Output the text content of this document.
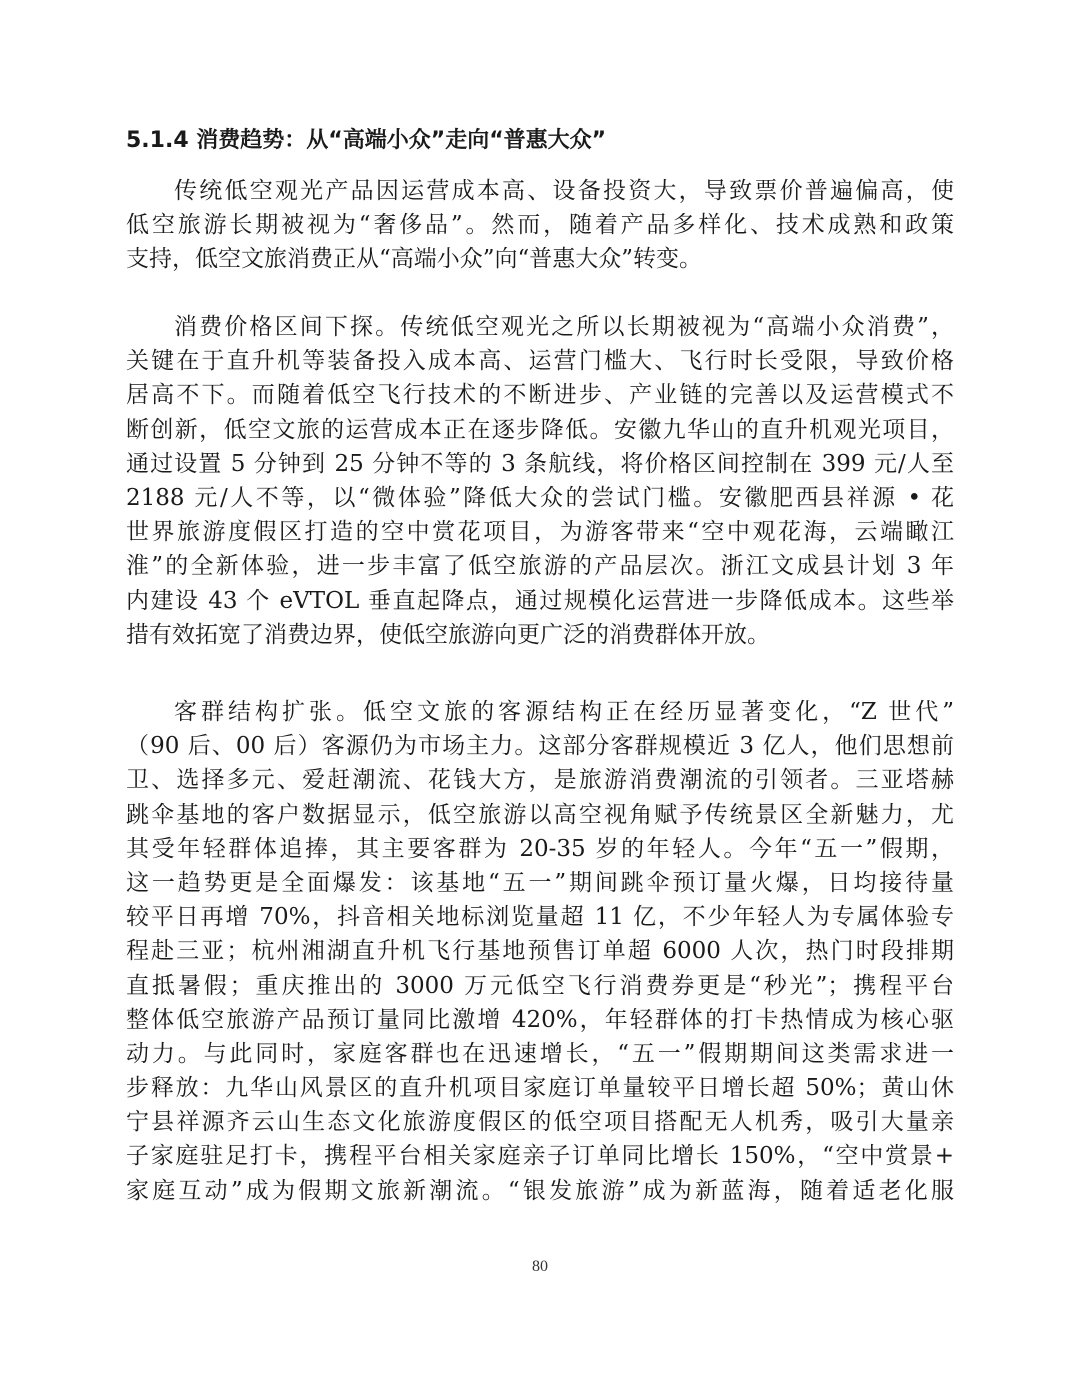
5.1.4 消费趋势：从“高端小众”走向“普惠大众”
传统低空观光产品因运营成本高、设备投资大，导致票价普遍偏高，使
低空旅游长期被视为“奢侈品”。然而，随着产品多样化、技术成熟和政策
支持，低空文旅消费正从“高端小众”向“普惠大众”转变。
消费价格区间下探。传统低空观光之所以长期被视为“高端小众消费”，
关键在于直升机等装备投入成本高、运营门槛大、飞行时长受限，导致价格
居高不下。而随着低空飞行技术的不断进步、产业链的完善以及运营模式不
断创新，低空文旅的运营成本正在逐步降低。安徽九华山的直升机观光项目，
通过设置 5 分钟到 25 分钟不等的 3 条航线，将价格区间控制在 399 元/人至
2188 元/人不等，以“微体验”降低大众的尝试门槛。安徽肥西县祥源 • 花
世界旅游度假区打造的空中赏花项目，为游客带来“空中观花海，云端瞰江
淮”的全新体验，进一步丰富了低空旅游的产品层次。浙江文成县计划 3 年
内建设 43 个 eVTOL 垂直起降点，通过规模化运营进一步降低成本。这些举
措有效拓宽了消费边界，使低空旅游向更广泛的消费群体开放。
客群结构扩张。低空文旅的客源结构正在经历显著变化，“Z 世代”
（90 后、00 后）客源仍为市场主力。这部分客群规模近 3 亿人，他们思想前
卫、选择多元、爱赶潮流、花钱大方，是旅游消费潮流的引领者。三亚塔赫
跳伞基地的客户数据显示，低空旅游以高空视角赋予传统景区全新魅力，尤
其受年轻群体追捧，其主要客群为 20-35 岁的年轻人。今年“五一”假期，
这一趋势更是全面爆发：该基地“五一”期间跳伞预订量火爆，日均接待量
较平日再增 70%，抖音相关地标浏览量超 11 亿，不少年轻人为专属体验专
程赴三亚；杭州湘湖直升机飞行基地预售订单超 6000 人次，热门时段排期
直抵暑假；重庆推出的 3000 万元低空飞行消费券更是“秒光”；携程平台
整体低空旅游产品预订量同比激增 420%，年轻群体的打卡热情成为核心驱
动力。与此同时，家庭客群也在迅速增长，“五一”假期期间这类需求进一
步释放：九华山风景区的直升机项目家庭订单量较平日增长超 50%；黄山休
宁县祥源齐云山生态文化旅游度假区的低空项目搭配无人机秀，吸引大量亲
子家庭驻足打卡，携程平台相关家庭亲子订单同比增长 150%，“空中赏景+
家庭互动”成为假期文旅新潮流。“银发旅游”成为新蓝海，随着适老化服
80
